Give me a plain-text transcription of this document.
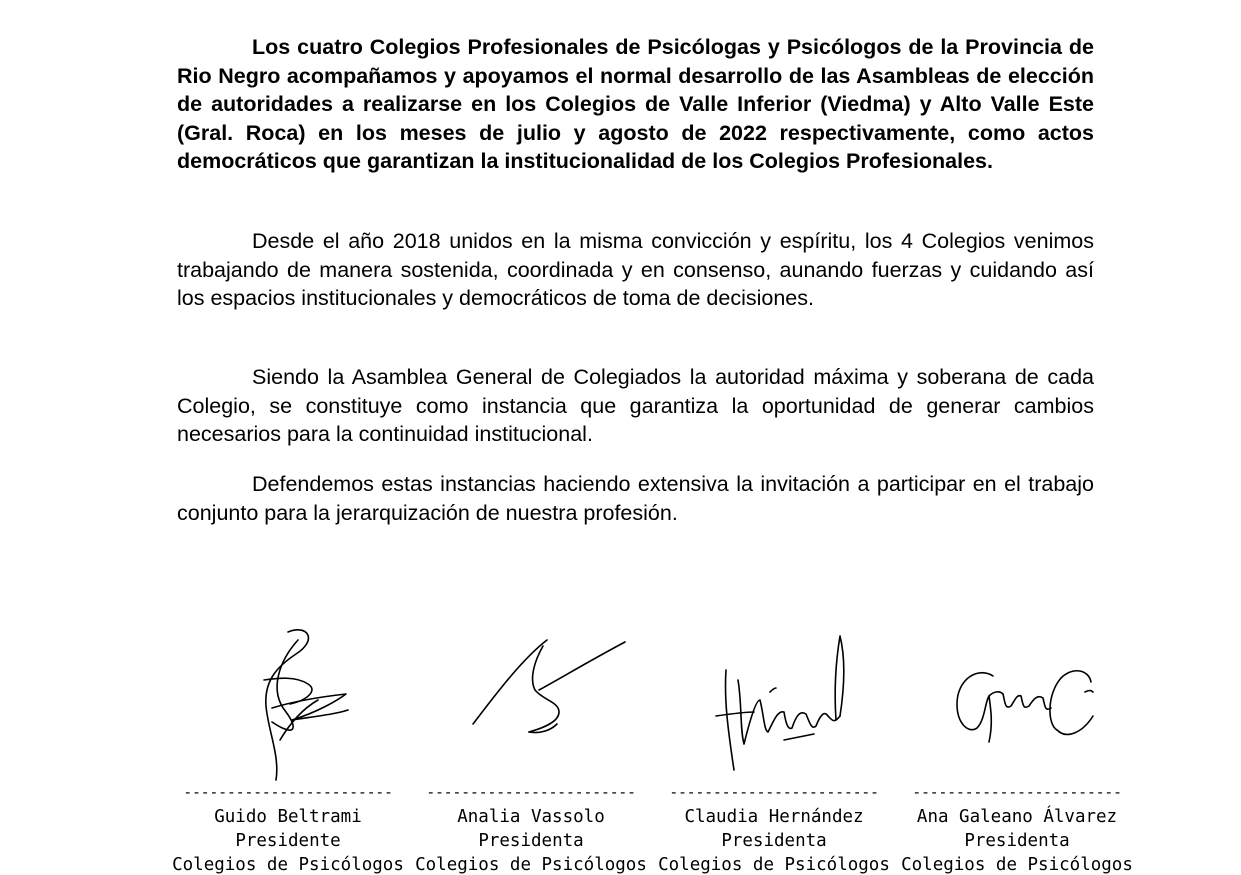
Los cuatro Colegios Profesionales de Psicólogas y Psicólogos de la Provincia de Rio Negro acompañamos y apoyamos el normal desarrollo de las Asambleas de elección de autoridades a realizarse en los Colegios de Valle Inferior (Viedma) y Alto Valle Este (Gral. Roca) en los meses de julio y agosto de 2022 respectivamente, como actos democráticos que garantizan la institucionalidad de los Colegios Profesionales.

Desde el año 2018 unidos en la misma convicción y espíritu, los 4 Colegios venimos trabajando de manera sostenida, coordinada y en consenso, aunando fuerzas y cuidando así los espacios institucionales y democráticos de toma de decisiones.

Siendo la Asamblea General de Colegiados la autoridad máxima y soberana de cada Colegio, se constituye como instancia que garantiza la oportunidad de generar cambios necesarios para la continuidad institucional.

Defendemos estas instancias haciendo extensiva la invitación a participar en el trabajo conjunto para la jerarquización de nuestra profesión.

------------------------
Guido Beltrami
Presidente
Colegios de Psicólogos
------------------------
Analia Vassolo
Presidenta
Colegios de Psicólogos
------------------------
Claudia Hernández
Presidenta
Colegios de Psicólogos
------------------------
Ana Galeano Álvarez
Presidenta
Colegios de Psicólogos
